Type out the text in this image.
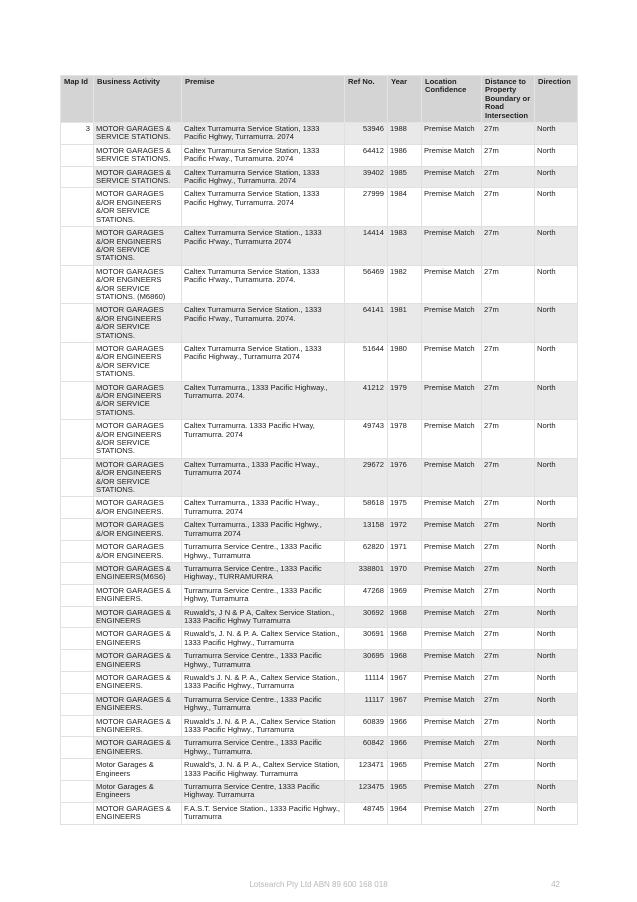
Map Id	Business Activity	Premise	Ref No.	Year	Location Confidence	Distance to Property Boundary or Road Intersection	Direction
3	MOTOR GARAGES & SERVICE STATIONS.	Caltex Turramurra Service Station, 1333 Pacific Hghwy, Turramurra. 2074	53946	1988	Premise Match	27m	North
	MOTOR GARAGES & SERVICE STATIONS.	Caltex Turramurra Service Station, 1333 Pacific H'way., Turramurra. 2074	64412	1986	Premise Match	27m	North
	MOTOR GARAGES & SERVICE STATIONS.	Caltex Turramurra Service Station, 1333 Pacific Hghwy., Turramurra. 2074	39402	1985	Premise Match	27m	North
	MOTOR GARAGES &/OR ENGINEERS &/OR SERVICE STATIONS.	Caltex Turramurra Service Station, 1333 Pacific Hghwy, Turramurra. 2074	27999	1984	Premise Match	27m	North
	MOTOR GARAGES &/OR ENGINEERS &/OR SERVICE STATIONS.	Caltex Turramurra Service Station., 1333 Pacific H'way., Turramurra 2074	14414	1983	Premise Match	27m	North
	MOTOR GARAGES &/OR ENGINEERS &/OR SERVICE STATIONS. (M6860)	Caltex Turramurra Service Station, 1333 Pacific H'way., Turramurra. 2074.	56469	1982	Premise Match	27m	North
	MOTOR GARAGES &/OR ENGINEERS &/OR SERVICE STATIONS.	Caltex Turramurra Service Station., 1333 Pacific H'way., Turramurra. 2074.	64141	1981	Premise Match	27m	North
	MOTOR GARAGES &/OR ENGINEERS &/OR SERVICE STATIONS.	Caltex Turramurra Service Station., 1333 Pacific Highway., Turramurra 2074	51644	1980	Premise Match	27m	North
	MOTOR GARAGES &/OR ENGINEERS &/OR SERVICE STATIONS.	Caltex Turramurra., 1333 Pacific Highway., Turramurra. 2074.	41212	1979	Premise Match	27m	North
	MOTOR GARAGES &/OR ENGINEERS &/OR SERVICE STATIONS.	Caltex Turramurra. 1333 Pacific H'way, Turramurra. 2074	49743	1978	Premise Match	27m	North
	MOTOR GARAGES &/OR ENGINEERS &/OR SERVICE STATIONS.	Caltex Turramurra., 1333 Pacific H'way., Turramurra 2074	29672	1976	Premise Match	27m	North
	MOTOR GARAGES &/OR ENGINEERS.	Caltex Turramurra., 1333 Pacific H'way., Turramurra. 2074	58618	1975	Premise Match	27m	North
	MOTOR GARAGES &/OR ENGINEERS.	Caltex Turramurra., 1333 Pacific Hghwy., Turramurra 2074	13158	1972	Premise Match	27m	North
	MOTOR GARAGES &/OR ENGINEERS.	Turramurra Service Centre., 1333 Pacific Hghwy., Turramurra	62820	1971	Premise Match	27m	North
	MOTOR GARAGES & ENGINEERS(M6S6)	Turramurra Service Centre., 1333 Pacific Highway., TURRAMURRA	338801	1970	Premise Match	27m	North
	MOTOR GARAGES & ENGINEERS.	Turramurra Service Centre., 1333 Pacific Hghwy, Turramurra	47268	1969	Premise Match	27m	North
	MOTOR GARAGES & ENGINEERS	Ruwald's, J N & P A, Caltex Service Station., 1333 Pacific Hghwy Turramurra	30692	1968	Premise Match	27m	North
	MOTOR GARAGES & ENGINEERS	Ruwald's, J. N. & P. A. Caltex Service Station., 1333 Pacific Hghwy., Turramurra	30691	1968	Premise Match	27m	North
	MOTOR GARAGES & ENGINEERS	Turramurra Service Centre., 1333 Pacific Hghwy., Turramurra	30695	1968	Premise Match	27m	North
	MOTOR GARAGES & ENGINEERS.	Ruwald's J. N. & P. A., Caltex Service Station., 1333 Pacific Hghwy., Turramurra	11114	1967	Premise Match	27m	North
	MOTOR GARAGES & ENGINEERS.	Turramurra Service Centre., 1333 Pacific Hghwy., Turramurra	11117	1967	Premise Match	27m	North
	MOTOR GARAGES & ENGINEERS.	Ruwald's J. N. & P. A., Caltex Service Station 1333 Pacific Hghwy., Turramurra	60839	1966	Premise Match	27m	North
	MOTOR GARAGES & ENGINEERS.	Turramurra Service Centre., 1333 Pacific Hghwy., Turramurra.	60842	1966	Premise Match	27m	North
	Motor Garages & Engineers	Ruwald's, J. N. & P. A., Caltex Service Station, 1333 Pacific Highway. Turramurra	123471	1965	Premise Match	27m	North
	Motor Garages & Engineers	Turramurra Service Centre, 1333 Pacific Highway. Turramurra	123475	1965	Premise Match	27m	North
	MOTOR GARAGES & ENGINEERS	F.A.S.T. Service Station., 1333 Pacific Hghwy., Turramurra	48745	1964	Premise Match	27m	North
Lotsearch Pty Ltd ABN 89 600 168 018	42
